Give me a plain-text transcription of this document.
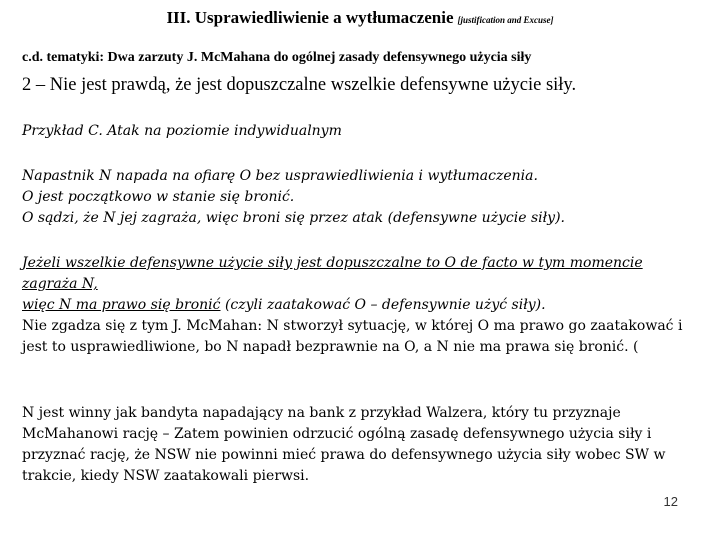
III. Usprawiedliwienie a wytłumaczenie [justification and Excuse]
c.d. tematyki: Dwa zarzuty J. McMahana do ogólnej zasady defensywnego użycia siły
2 – Nie jest prawdą, że jest dopuszczalne wszelkie defensywne użycie siły.
Przykład C. Atak na poziomie indywidualnym
Napastnik N napada na ofiarę O bez usprawiedliwienia i wytłumaczenia.
O jest początkowo w stanie się bronić.
O sądzi, że N jej zagraża, więc broni się przez atak (defensywne użycie siły).
Jeżeli wszelkie defensywne użycie siły jest dopuszczalne to O de facto w tym momencie zagraża N,
więc N ma prawo się bronić (czyli zaatakować O – defensywnie użyć siły).
Nie zgadza się z tym J. McMahan: N stworzył sytuację, w której O ma prawo go zaatakować i jest to usprawiedliwione, bo N napadł bezprawnie na O, a N nie ma prawa się bronić. (
N jest winny jak bandyta napadający na bank z przykład Walzera, który tu przyznaje McMahanowi rację – Zatem powinien odrzucić ogólną zasadę defensywnego użycia siły i przyznać rację, że NSW nie powinni mieć prawa do defensywnego użycia siły wobec SW w trakcie, kiedy NSW zaatakowali pierwsi.
12
